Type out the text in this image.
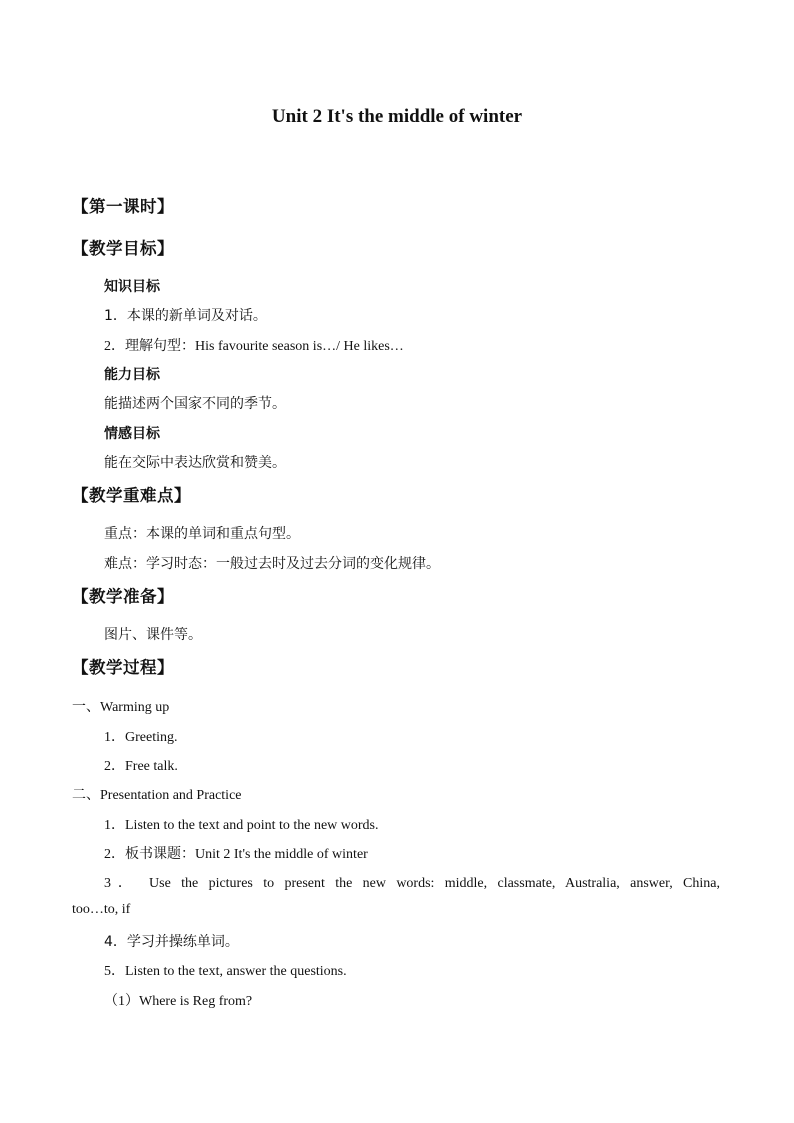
Unit 2 It's the middle of winter
【第一课时】
【教学目标】
知识目标
1．本课的新单词及对话。
2．理解句型：His favourite season is…/ He likes…
能力目标
能描述两个国家不同的季节。
情感目标
能在交际中表达欣赏和赞美。
【教学重难点】
重点：本课的单词和重点句型。
难点：学习时态：一般过去时及过去分词的变化规律。
【教学准备】
图片、课件等。
【教学过程】
一、Warming up
1．Greeting.
2．Free talk.
二、Presentation and Practice
1．Listen to the text and point to the new words.
2．板书课题：Unit 2 It's the middle of winter
3． Use the pictures to present the new words: middle, classmate, Australia, answer, China,
too…to, if
4．学习并操练单词。
5．Listen to the text, answer the questions.
（1）Where is Reg from?
